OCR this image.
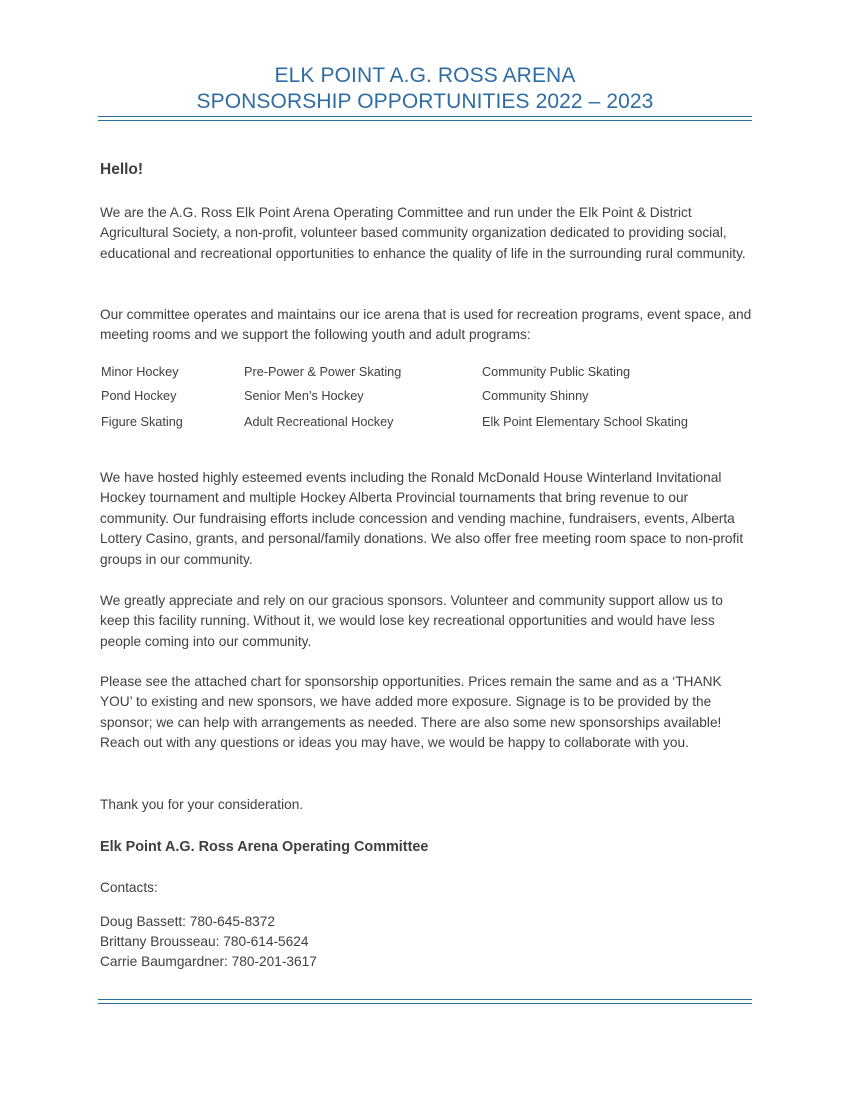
ELK POINT A.G. ROSS ARENA
SPONSORSHIP OPPORTUNITIES 2022 – 2023
Hello!

We are the A.G. Ross Elk Point Arena Operating Committee and run under the Elk Point & District Agricultural Society, a non-profit, volunteer based community organization dedicated to providing social, educational and recreational opportunities to enhance the quality of life in the surrounding rural community.

Our committee operates and maintains our ice arena that is used for recreation programs, event space, and meeting rooms and we support the following youth and adult programs:

Minor Hockey	Pre-Power & Power Skating	Community Public Skating
Pond Hockey	Senior Men’s Hockey	Community Shinny
Figure Skating	Adult Recreational Hockey	Elk Point Elementary School Skating

We have hosted highly esteemed events including the Ronald McDonald House Winterland Invitational Hockey tournament and multiple Hockey Alberta Provincial tournaments that bring revenue to our community. Our fundraising efforts include concession and vending machine, fundraisers, events, Alberta Lottery Casino, grants, and personal/family donations. We also offer free meeting room space to non-profit groups in our community.

We greatly appreciate and rely on our gracious sponsors. Volunteer and community support allow us to keep this facility running. Without it, we would lose key recreational opportunities and would have less people coming into our community.

Please see the attached chart for sponsorship opportunities. Prices remain the same and as a ‘THANK YOU’ to existing and new sponsors, we have added more exposure. Signage is to be provided by the sponsor; we can help with arrangements as needed. There are also some new sponsorships available! Reach out with any questions or ideas you may have, we would be happy to collaborate with you.

Thank you for your consideration.

Elk Point A.G. Ross Arena Operating Committee
Contacts:
Doug Bassett: 780-645-8372
Brittany Brousseau: 780-614-5624
Carrie Baumgardner: 780-201-3617
